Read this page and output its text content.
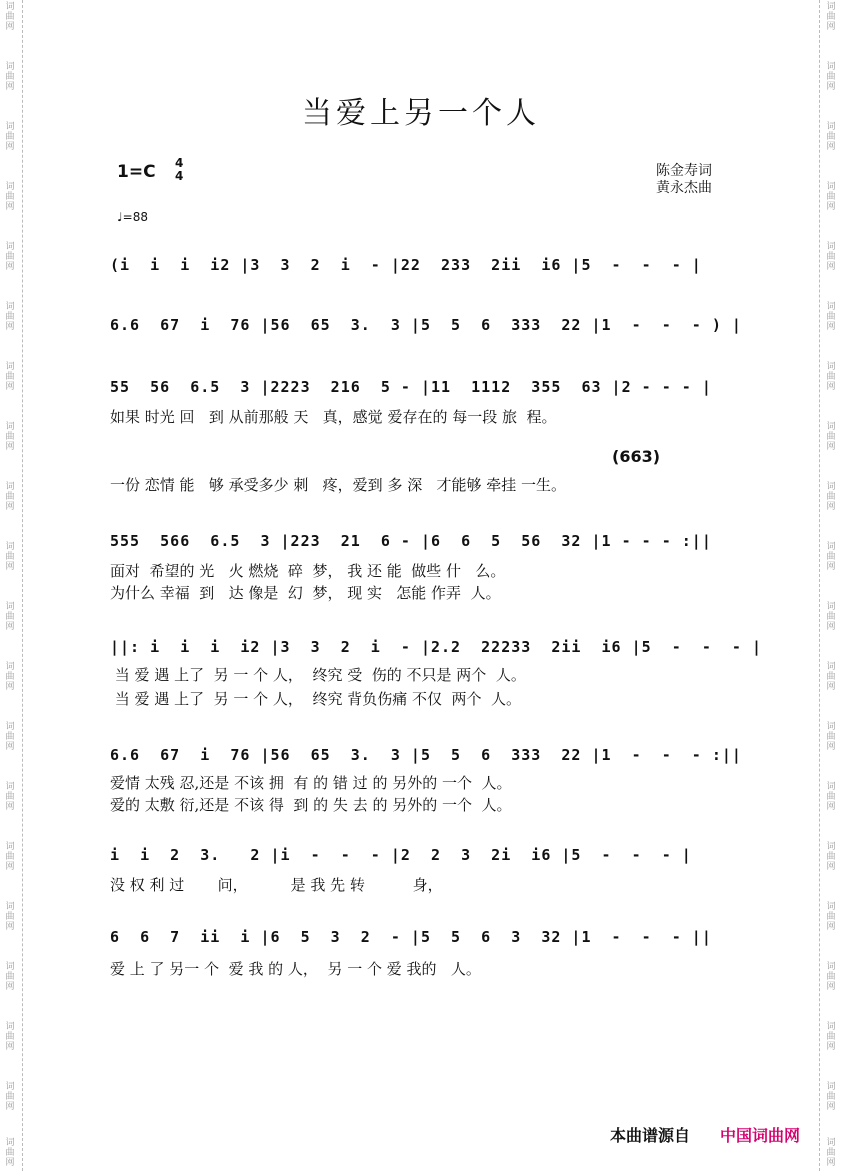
词曲网
词曲网
词曲网
词曲网
词曲网
词曲网
词曲网
词曲网
词曲网
词曲网
词曲网
词曲网
词曲网
词曲网
词曲网
词曲网
词曲网
词曲网
词曲网
词曲网
词曲网
词曲网
词曲网
词曲网
词曲网
词曲网
词曲网
词曲网
词曲网
词曲网
词曲网
词曲网
词曲网
词曲网
词曲网
词曲网
词曲网
词曲网
词曲网
词曲网
当爱上另一个人
1=C 4
4	陈金寿词
黄永杰曲
♩=88
(i  i  i  i2 |3  3  2  i  - |22  233  2ii  i6 |5  -  -  - |
6.6  67  i  76 |56  65  3.  3 |5  5  6  333  22 |1  -  -  - ) |
55  56  6.5  3 |2223  216  5 - |11  1112  355  63 |2 - - - |
如果 时光 回   到 从前那般 天   真，感觉 爱存在的 每一段 旅  程。
(663)
一份 恋情 能   够 承受多少 刺   疼，爱到 多 深   才能够 牵挂 一生。
555  566  6.5  3 |223  21  6 - |6  6  5  56  32 |1 - - - :||
面对  希望的 光   火 燃烧  碎  梦， 我 还 能  做些 什   么。
为什么 幸福  到   达 像是  幻  梦， 现 实   怎能 作弄  人。
||: i  i  i  i2 |3  3  2  i  - |2.2  22233  2ii  i6 |5  -  -  - |
当 爱 遇 上了  另 一 个 人，  终究 受  伤的 不只是 两个  人。
当 爱 遇 上了  另 一 个 人，  终究 背负伤痛 不仅  两个  人。
6.6  67  i  76 |56  65  3.  3 |5  5  6  333  22 |1  -  -  - :||
爱情 太残 忍,还是 不该 拥  有 的 错 过 的 另外的 一个  人。
爱的 太敷 衍,还是 不该 得  到 的 失 去 的 另外的 一个  人。
i  i  2  3.   2 |i  -  -  - |2  2  3  2i  i6 |5  -  -  - |
没 权 利 过       问，         是 我 先 转          身，
6  6  7  ii  i |6  5  3  2  - |5  5  6  3  32 |1  -  -  - ||
爱 上 了 另一 个  爱 我 的 人，  另 一 个 爱 我的   人。
本曲谱源自 中国词曲网
